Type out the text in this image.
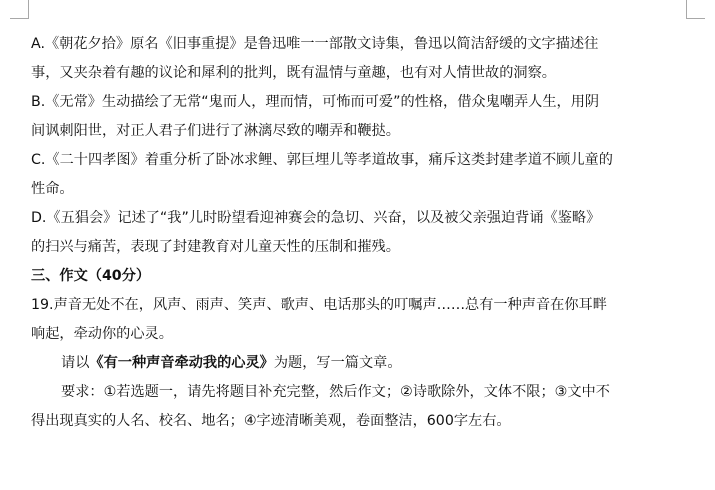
A.《朝花夕拾》原名《旧事重提》是鲁迅唯一一部散文诗集，鲁迅以简洁舒缓的文字描述往
事，又夹杂着有趣的议论和犀利的批判，既有温情与童趣，也有对人情世故的洞察。
B.《无常》生动描绘了无常“鬼而人，理而情，可怖而可爱”的性格，借众鬼嘲弄人生，用阴
间讽刺阳世，对正人君子们进行了淋漓尽致的嘲弄和鞭挞。
C.《二十四孝图》着重分析了卧冰求鲤、郭巨埋儿等孝道故事，痛斥这类封建孝道不顾儿童的
性命。
D.《五猖会》记述了“我”儿时盼望看迎神赛会的急切、兴奋，以及被父亲强迫背诵《鉴略》
的扫兴与痛苦，表现了封建教育对儿童天性的压制和摧残。
三、作文（40分）
19.声音无处不在，风声、雨声、笑声、歌声、电话那头的叮嘱声……总有一种声音在你耳畔
响起，牵动你的心灵。
请以《有一种声音牵动我的心灵》为题，写一篇文章。
要求：①若选题一，请先将题目补充完整，然后作文；②诗歌除外，文体不限；③文中不
得出现真实的人名、校名、地名；④字迹清晰美观，卷面整洁，600字左右。
